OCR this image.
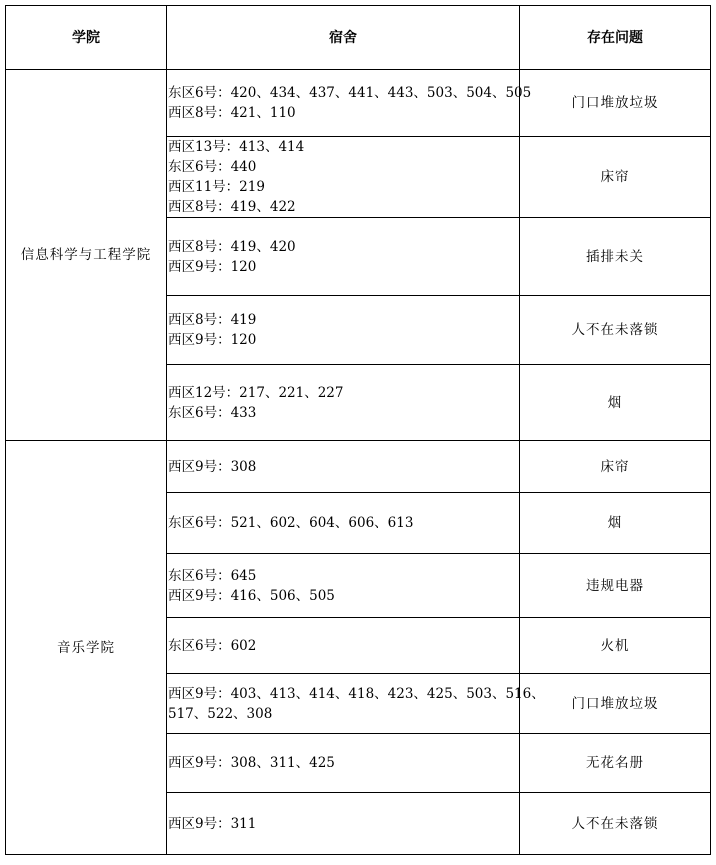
学院	宿舍	存在问题
信息科学与工程学院	东区6号：420、434、437、441、443、503、504、505
西区8号：421、110	门口堆放垃圾

	西区13号：413、414
东区6号：440
西区11号：219
西区8号：419、422	床帘

	西区8号：419、420
西区9号：120	插排未关

	西区8号：419
西区9号：120	人不在未落锁

	西区12号：217、221、227
东区6号：433	烟
音乐学院	西区9号：308	床帘

	东区6号：521、602、604、606、613	烟

	东区6号：645
西区9号：416、506、505	违规电器

	东区6号：602	火机

	西区9号：403、413、414、418、423、425、503、516、
517、522、308	门口堆放垃圾

	西区9号：308、311、425	无花名册

	西区9号：311	人不在未落锁
